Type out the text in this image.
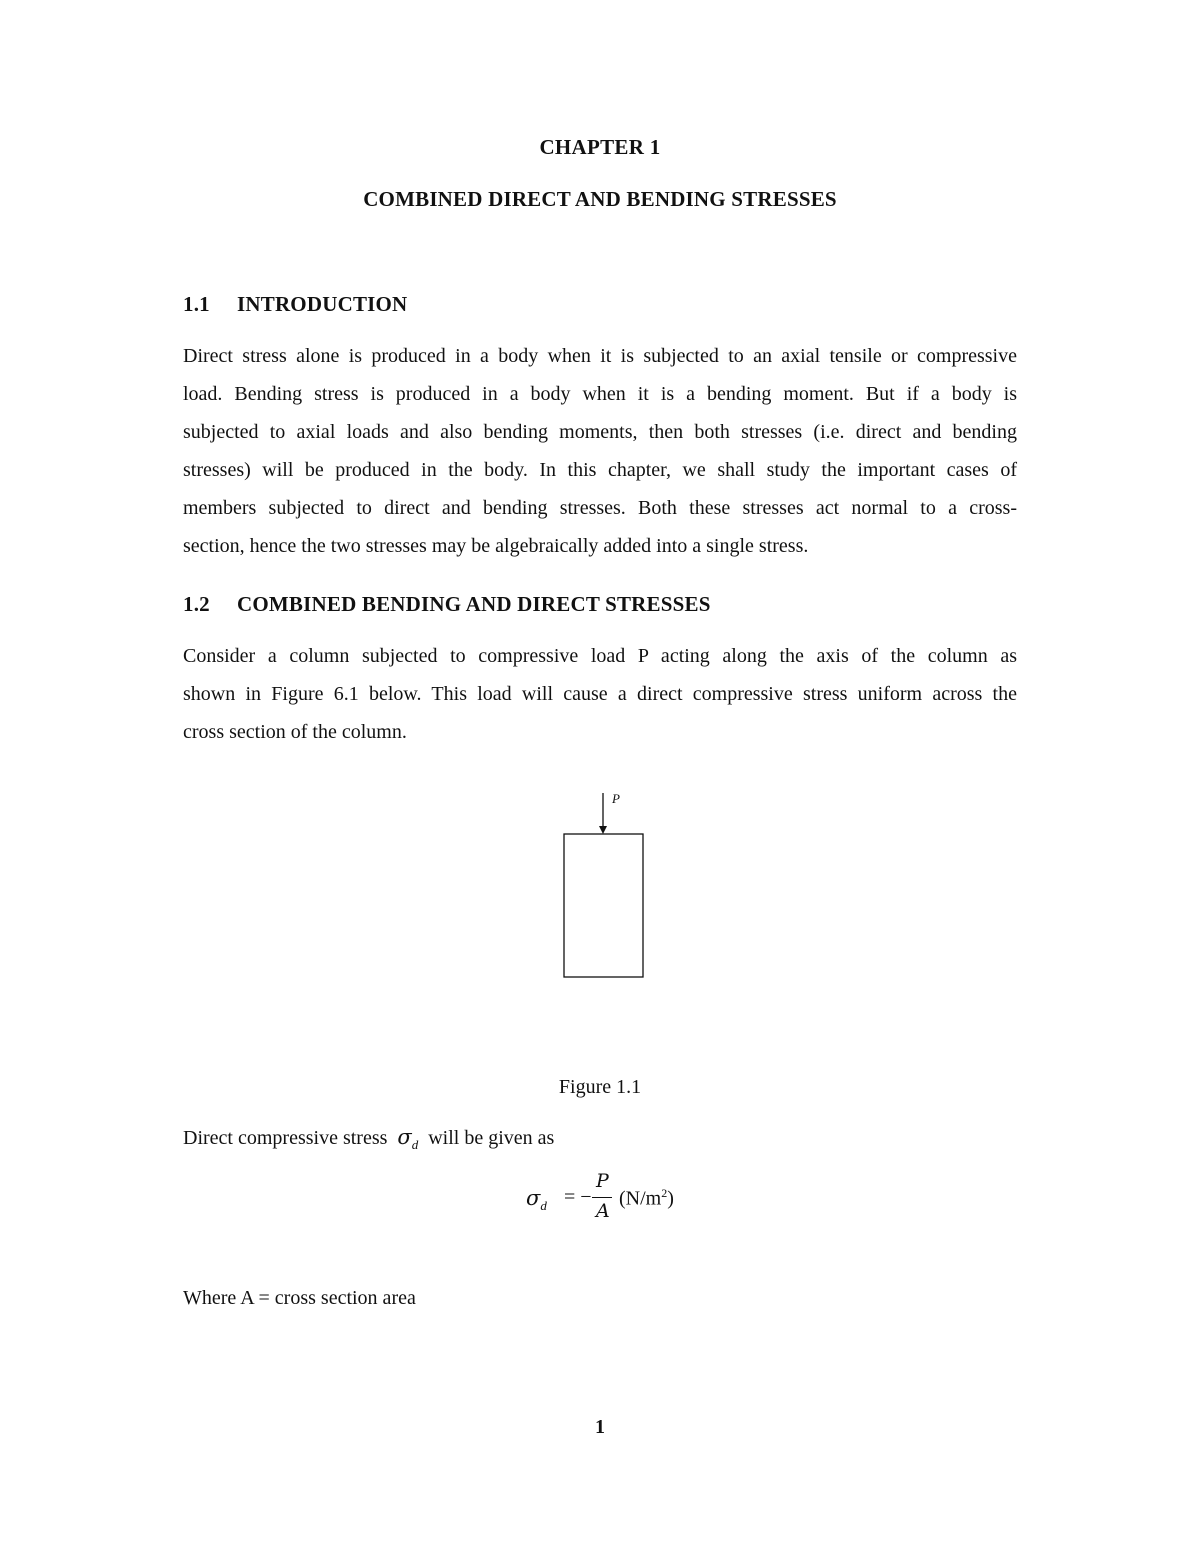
CHAPTER 1
COMBINED DIRECT AND BENDING STRESSES
1.1 INTRODUCTION
Direct stress alone is produced in a body when it is subjected to an axial tensile or compressive
load. Bending stress is produced in a body when it is a bending moment. But if a body is
subjected to axial loads and also bending moments, then both stresses (i.e. direct and bending
stresses) will be produced in the body. In this chapter, we shall study the important cases of
members subjected to direct and bending stresses. Both these stresses act normal to a cross-
section, hence the two stresses may be algebraically added into a single stress.
1.2 COMBINED BENDING AND DIRECT STRESSES
Consider a column subjected to compressive load P acting along the axis of the column as
shown in Figure 6.1 below. This load will cause a direct compressive stress uniform across the
cross section of the column.
P
Figure 1.1
Direct compressive stress $\sigma_d$ will be given as
$\sigma_d$ = −
P
A
$(N/m^2)$
Where A = cross section area
1
